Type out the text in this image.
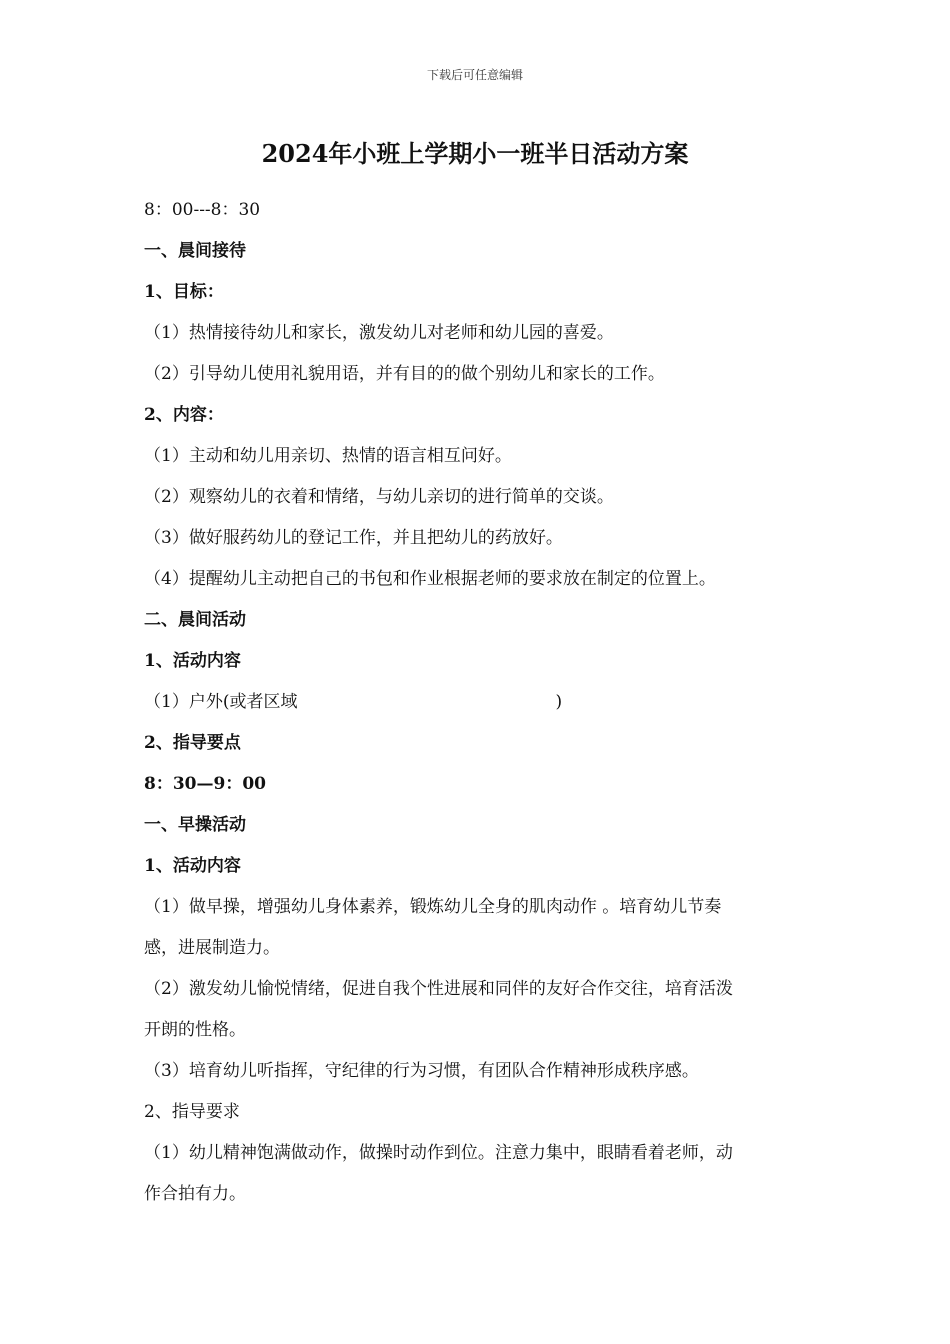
下载后可任意编辑
2024年小班上学期小一班半日活动方案
8：00---8：30
一、晨间接待
1、目标：
（1）热情接待幼儿和家长，激发幼儿对老师和幼儿园的喜爱。
（2）引导幼儿使用礼貌用语，并有目的的做个别幼儿和家长的工作。
2、内容：
（1）主动和幼儿用亲切、热情的语言相互问好。
（2）观察幼儿的衣着和情绪，与幼儿亲切的进行简单的交谈。
（3）做好服药幼儿的登记工作，并且把幼儿的药放好。
（4）提醒幼儿主动把自己的书包和作业根据老师的要求放在制定的位置上。
二、晨间活动
1、活动内容
（1）户外(或者区域	)
2、指导要点
8：30—9：00
一、早操活动
1、活动内容
（1）做早操，增强幼儿身体素养，锻炼幼儿全身的肌肉动作 。培育幼儿节奏
感，进展制造力。
（2）激发幼儿愉悦情绪，促进自我个性进展和同伴的友好合作交往，培育活泼
开朗的性格。
（3）培育幼儿听指挥，守纪律的行为习惯，有团队合作精神形成秩序感。
2、指导要求
（1）幼儿精神饱满做动作，做操时动作到位。注意力集中，眼睛看着老师，动
作合拍有力。
